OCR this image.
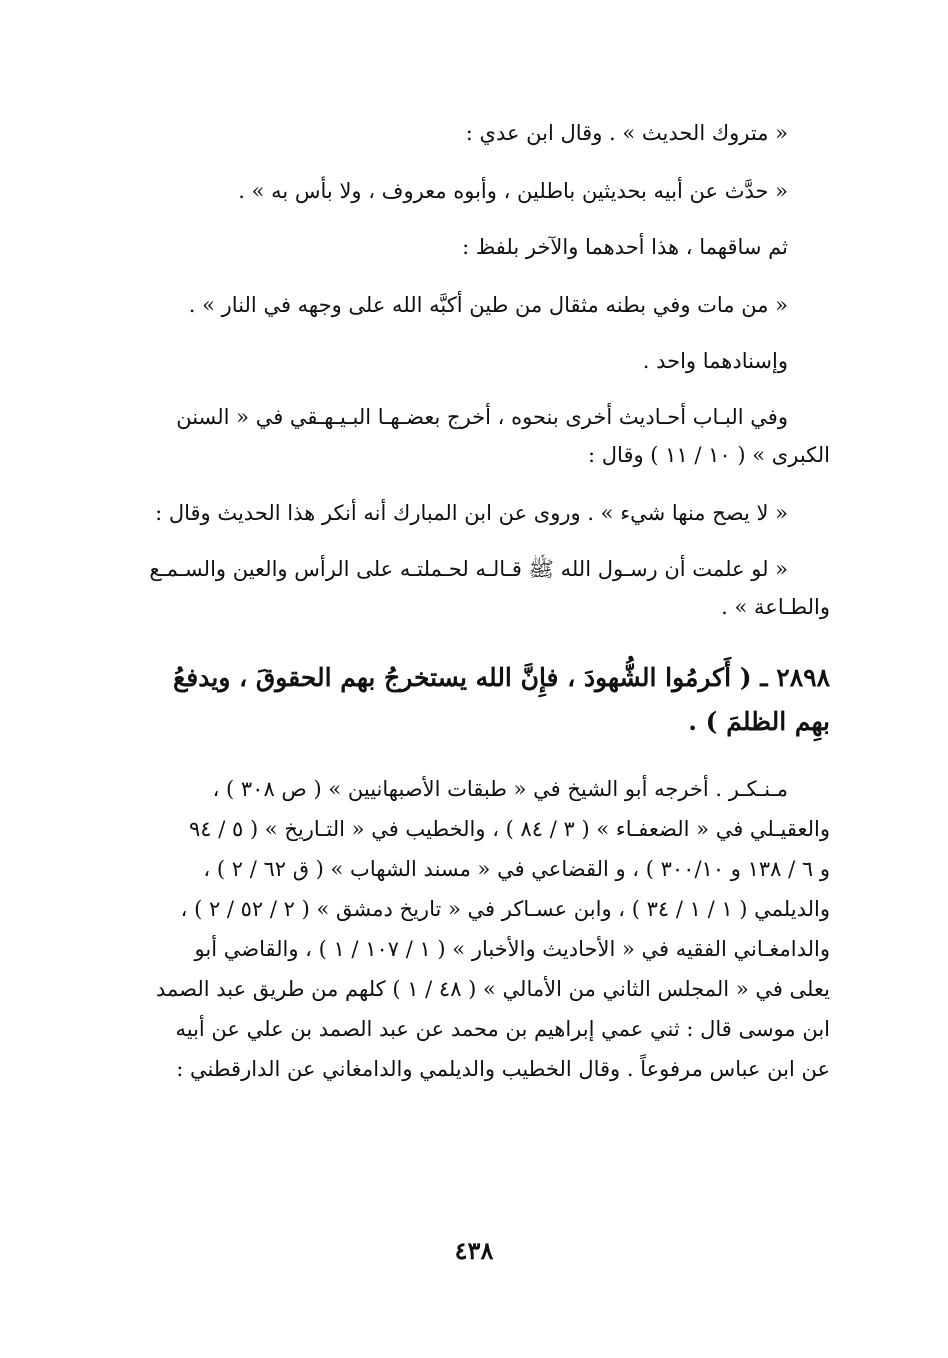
« متروك الحديث » . وقال ابن عدي :
« حدَّث عن أبيه بحديثين باطلين ، وأبوه معروف ، ولا بأس به » .
ثم ساقهما ، هذا أحدهما والآخر بلفظ :
« من مات وفي بطنه مثقال من طين أكبَّه الله على وجهه في النار » .
وإسنادهما واحد .
وفي البـاب أحـاديث أخرى بنحوه ، أخرج بعضـهـا البـيـهـقي في « السنن
الكبرى » ( ١٠ / ١١ ) وقال :
« لا يصح منها شيء » . وروى عن ابن المبارك أنه أنكر هذا الحديث وقال :
« لو علمت أن رسـول الله ﷺ قـالـه لحـملتـه على الرأس والعين والسـمـع
والطـاعة » .
٢٨٩٨ ـ ( أَكرمُوا الشُّهودَ ، فإِنَّ الله يستخرجُ بهم الحقوقَ ، ويدفعُ
بهِم الظلمَ ) .
مـنـكـر . أخرجه أبو الشيخ في « طبقات الأصبهانيين » ( ص ٣٠٨ ) ،
والعقيـلي في « الضعفـاء » ( ٣ / ٨٤ ) ، والخطيب في « التـاريخ » ( ٥ / ٩٤
و ٦ / ١٣٨ و ٣٠٠/١٠ ) ، و القضاعي في « مسند الشهاب » ( ق ٦٢ / ٢ ) ،
والديلمي ( ١ / ١ / ٣٤ ) ، وابن عسـاكر في « تاريخ دمشق » ( ٢ / ٥٢ / ٢ ) ،
والدامغـاني الفقيه في « الأحاديث والأخبار » ( ١ / ١٠٧ / ١ ) ، والقاضي أبو
يعلى في « المجلس الثاني من الأمالي » ( ٤٨ / ١ ) كلهم من طريق عبد الصمد
ابن موسى قال : ثني عمي إبراهيم بن محمد عن عبد الصمد بن علي عن أبيه
عن ابن عباس مرفوعاً . وقال الخطيب والديلمي والدامغاني عن الدارقطني :
٤٣٨
